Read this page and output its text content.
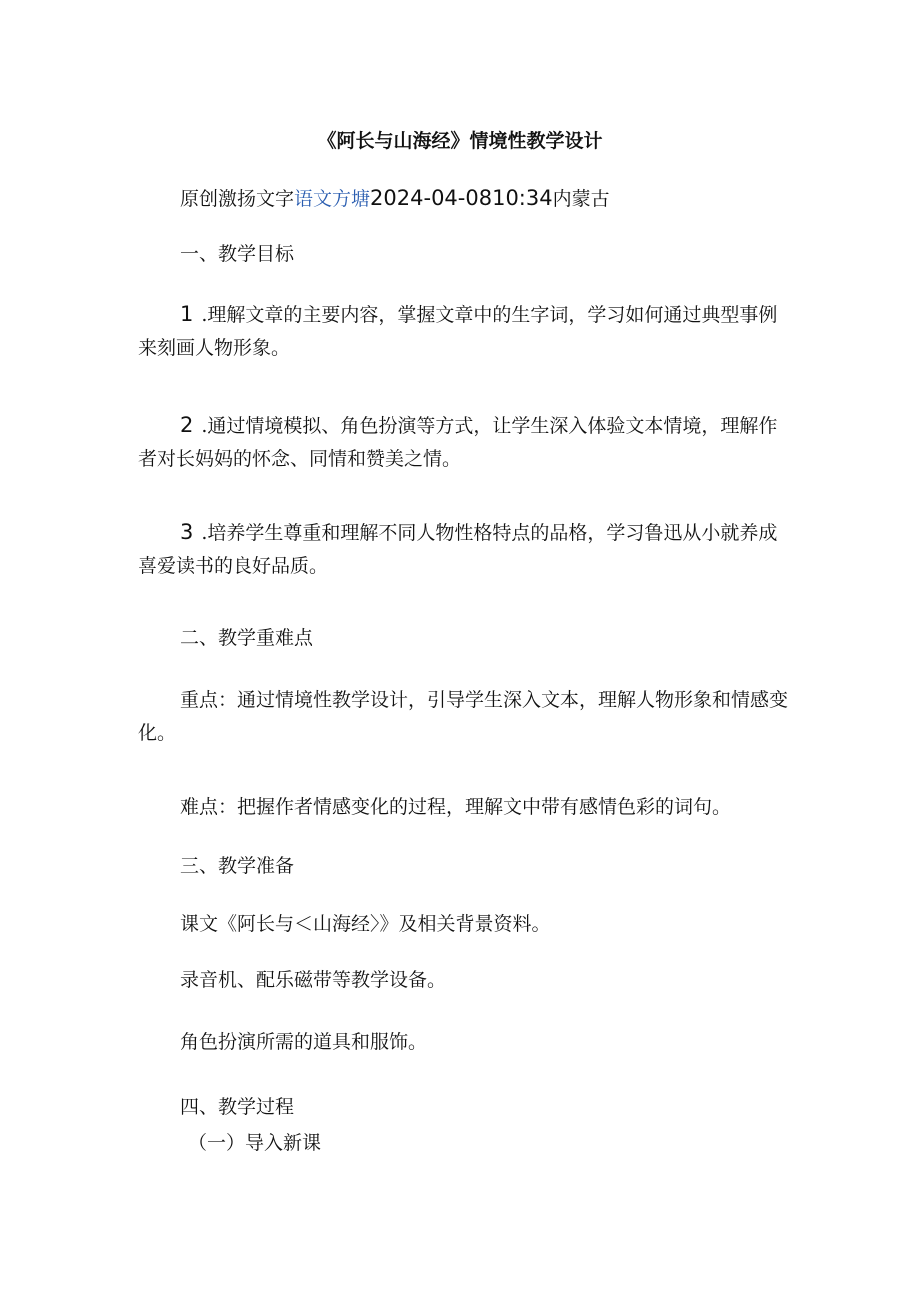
《阿长与山海经》情境性教学设计
原创激扬文字语文方塘2024-04-0810:34内蒙古
一、教学目标
1 .理解文章的主要内容，掌握文章中的生字词，学习如何通过典型事例来刻画人物形象。
2 .通过情境模拟、角色扮演等方式，让学生深入体验文本情境，理解作者对长妈妈的怀念、同情和赞美之情。
3 .培养学生尊重和理解不同人物性格特点的品格，学习鲁迅从小就养成喜爱读书的良好品质。
二、教学重难点
重点：通过情境性教学设计，引导学生深入文本，理解人物形象和情感变化。
难点：把握作者情感变化的过程，理解文中带有感情色彩的词句。
三、教学准备
课文《阿长与＜山海经〉》及相关背景资料。
录音机、配乐磁带等教学设备。
角色扮演所需的道具和服饰。
四、教学过程
（一）导入新课
